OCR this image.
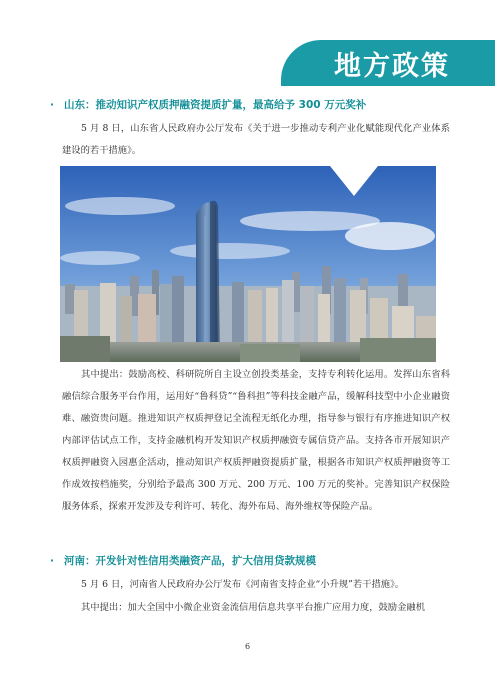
地方政策
· 山东：推动知识产权质押融资提质扩量，最高给予 300 万元奖补
5 月 8 日，山东省人民政府办公厅发布《关于进一步推动专利产业化赋能现代化产业体系建设的若干措施》。
其中提出：鼓励高校、科研院所自主设立创投类基金，支持专利转化运用。发挥山东省科融信综合服务平台作用，运用好“鲁科贷”“鲁科担”等科技金融产品，缓解科技型中小企业融资难、融资贵问题。推进知识产权质押登记全流程无纸化办理，指导参与银行有序推进知识产权内部评估试点工作，支持金融机构开发知识产权质押融资专属信贷产品。支持各市开展知识产权质押融资入园惠企活动，推动知识产权质押融资提质扩量，根据各市知识产权质押融资等工作成效按档施奖，分别给予最高 300 万元、200 万元、100 万元的奖补。完善知识产权保险服务体系，探索开发涉及专利许可、转化、海外布局、海外维权等保险产品。
· 河南：开发针对性信用类融资产品，扩大信用贷款规模
5 月 6 日，河南省人民政府办公厅发布《河南省支持企业“小升规”若干措施》。
其中提出：加大全国中小微企业资金流信用信息共享平台推广应用力度，鼓励金融机
6
